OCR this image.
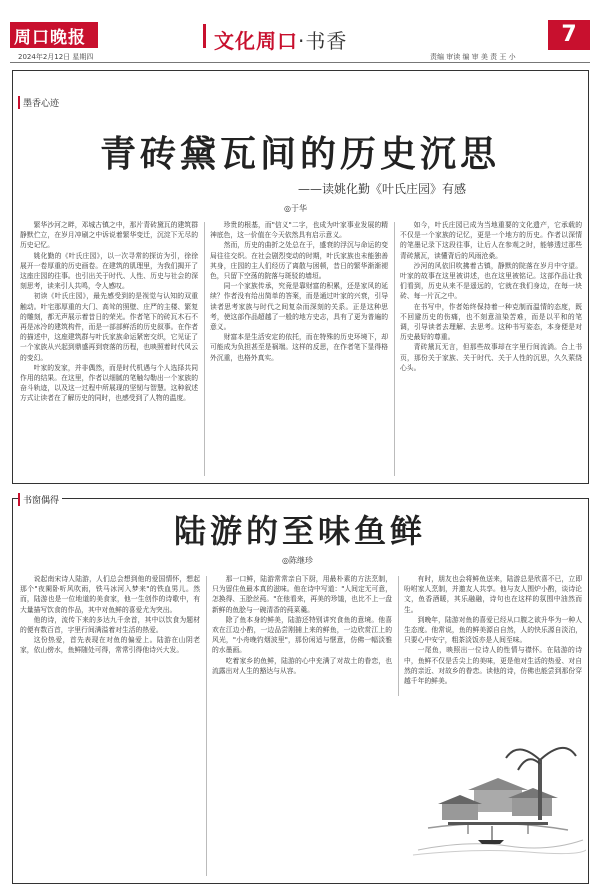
周口晚报	文化周口·书香	7
2024年2月12日 星期四	责编 审读 编 审 美 责 王 小
墨香心迹
青砖黛瓦间的历史沉思
——读姚化勤《叶氏庄园》有感
◎于华

繁华沙河之畔，邓城古镇之中，那片青砖黛瓦的建筑群静默伫立，在岁月冲刷之中诉说着繁华变迁，沉淀下无尽的历史记忆。

姚化勤的《叶氏庄园》，以一次寻常的探访为引，徐徐展开一卷厚重的历史画卷。在建筑的肌理里，为我们揭开了这座庄园的往事。也引出关于时代、人性、历史与社会的深刻思考，读来引人共鸣，令人感叹。

初读《叶氏庄园》，最先感受到的是视觉与认知的双重触动。叶宅那厚重的大门、高耸的照壁、庄严的主楼、繁复的雕刻，都无声展示着昔日的荣光。作者笔下的砖瓦木石不再是冰冷的建筑构件，而是一部部鲜活的历史叙事。在作者的描述中，这座建筑群与叶氏家族命运紧密交织，它见证了一个家族从兴起到鼎盛再到衰落的历程，也映照着时代风云的变幻。

叶家的发家，并非偶然，而是时代机遇与个人选择共同作用的结果。在这里，作者以细腻的笔触勾勒出一个家族的奋斗轨迹，以及这一过程中所展现的坚韧与智慧。这种叙述方式让读者在了解历史的同时，也感受到了人物的温度。

珍贵的根基，而"信义"二字，也成为叶家事业发展的精神底色，这一价值在今天依然具有启示意义。

然而，历史的曲折之处总在于，盛衰的浮沉与命运的变局往往交织。在社会剧烈变动的时期，叶氏家族也未能独善其身，庄园的主人们经历了离散与困顿，昔日的繁华渐渐褪色，只留下空荡的院落与斑驳的墙垣。

同一个家族传承，究竟是靠财富的积累，还是家风的延续？作者没有给出简单的答案，而是通过叶家的兴衰，引导读者思考家族与时代之间复杂而深刻的关系。正是这种思考，使这部作品超越了一般的地方史志，具有了更为普遍的意义。

财富本是生活安定的依托，而在特殊的历史环境下，却可能成为负担甚至是祸端。这样的反思，在作者笔下显得格外沉重，也格外真实。

如今，叶氏庄园已成为当地重要的文化遗产，它承载的不仅是一个家族的记忆，更是一个地方的历史。作者以深情的笔墨记录下这段往事，让后人在参观之时，能够透过那些青砖黛瓦，读懂背后的风雨沧桑。

沙河的风依旧吹拂着古镇，静默的院落在岁月中守望。叶家的故事在这里被讲述，也在这里被铭记。这部作品让我们看到，历史从来不是遥远的，它就在我们身边，在每一块砖、每一片瓦之中。

在书写中，作者始终保持着一种克制而温情的态度，既不回避历史的伤痛，也不刻意渲染苦难，而是以平和的笔调，引导读者去理解、去思考。这种书写姿态，本身便是对历史最好的尊重。

青砖黛瓦无言，但那些故事却在字里行间流淌。合上书页，那份关于家族、关于时代、关于人性的沉思，久久萦绕心头。

书窗偶得
陆游的至味鱼鲜
◎陈继珍

说起南宋诗人陆游，人们总会想到他的爱国情怀，想起那个"夜阑卧听风吹雨，铁马冰河入梦来"的铁血男儿。然而，陆游也是一位地道的美食家，他一生创作的诗歌中，有大量描写饮食的作品，其中对鱼鲜的喜爱尤为突出。

他的诗，流传下来的多达九千余首，其中以饮食为题材的便有数百首，字里行间满溢着对生活的热爱。

这份热爱，首先表现在对鱼的偏爱上。陆游在山阴老家，依山傍水，鱼鲜随处可得，常常引得他诗兴大发。

那一口鲜，陆游常常亲自下厨，用最朴素的方法烹制，只为留住鱼最本真的滋味。他在诗中写道："人间定无可意，怎换得、玉脍丝莼。"在他看来，再美的珍馐，也比不上一盘新鲜的鱼脍与一碗清香的莼菜羹。

除了鱼本身的鲜美，陆游还特别讲究食鱼的意境。他喜欢在江边小酌，一边品尝刚捕上来的鲜鱼，一边欣赏江上的风光，"小舟晚钓烟波里"，那份闲适与惬意，仿佛一幅淡雅的水墨画。

吃着家乡的鱼鲜，陆游的心中充满了对故土的眷恋，也流露出对人生的豁达与从容。

有时，朋友也会将鲜鱼送来，陆游总是欣喜不已，立即吩咐家人烹制，并邀友人共享。他与友人围炉小酌，谈诗论文，鱼香酒暖，其乐融融，诗句也在这样的氛围中油然而生。

到晚年，陆游对鱼的喜爱已经从口腹之欲升华为一种人生态度。他常说，鱼的鲜美源自自然，人的快乐源自淡泊，只要心中安宁，粗茶淡饭亦是人间至味。

一尾鱼，映照出一位诗人的性情与襟怀。在陆游的诗中，鱼鲜不仅是舌尖上的美味，更是他对生活的热爱、对自然的亲近、对故乡的眷恋。读他的诗，仿佛也能尝到那份穿越千年的鲜美。
